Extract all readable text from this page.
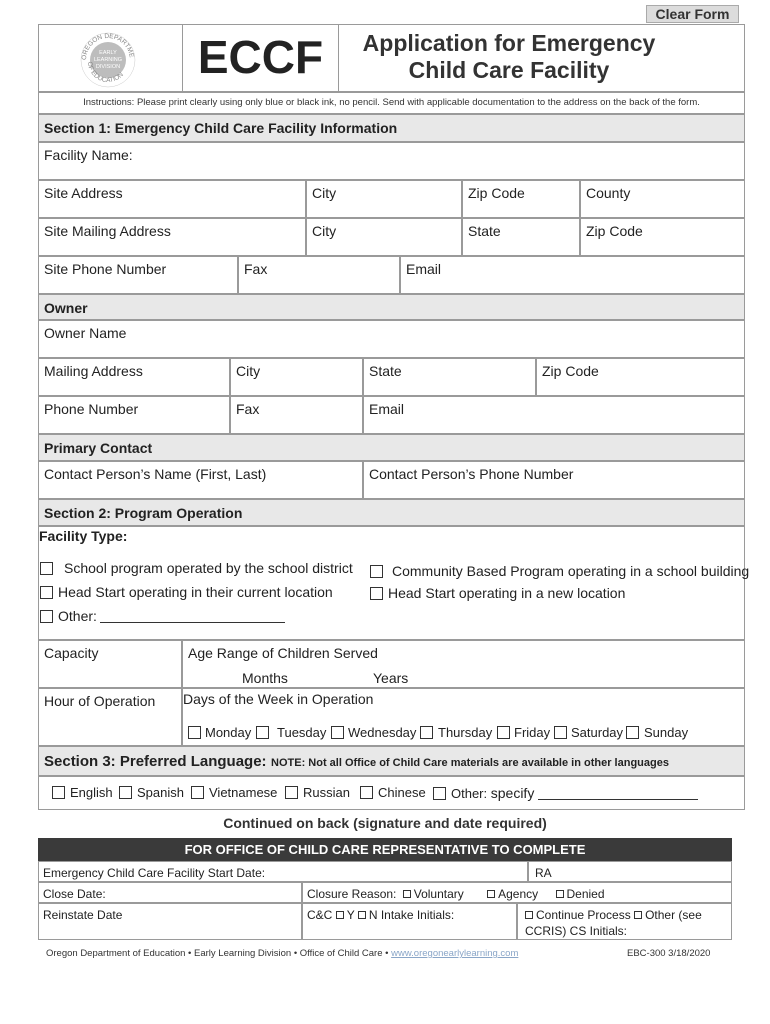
Clear Form
OREGON DEPARTME
OF EDUCATION
EARLY
LEARNING
DIVISION	ECCF	Application for Emergency
Child Care Facility
Instructions: Please print clearly using only blue or black ink, no pencil. Send with applicable documentation to the address on the back of the form.
Section 1: Emergency Child Care Facility Information
Facility Name:
Site Address	City	Zip Code	County
Site Mailing Address	City	State	Zip Code
Site Phone Number	Fax	Email
Owner
Owner Name
Mailing Address	City	State	Zip Code
Phone Number	Fax	Email
Primary Contact
Contact Person’s Name (First, Last)	Contact Person’s Phone Number
Section 2: Program Operation
Facility Type:
School program operated by the school district	Community Based Program operating in a school building
Head Start operating in their current location	Head Start operating in a new location
Other:
Capacity	Age Range of Children Served
Months	Years
Hour of Operation	Days of the Week in Operation
Monday	Tuesday	Wednesday	Thursday	Friday	Saturday	Sunday
Section 3: Preferred Language: NOTE: Not all Office of Child Care materials are available in other languages
English	Spanish	Vietnamese	Russian	Chinese	Other: specify
Continued on back (signature and date required)
FOR OFFICE OF CHILD CARE REPRESENTATIVE TO COMPLETE
Emergency Child Care Facility Start Date:	RA
Close Date:	Closure Reason: Voluntary	Agency Denied
Reinstate Date	C&C Y N Intake Initials:	Continue Process Other (see
CCRIS) CS Initials:
Oregon Department of Education • Early Learning Division • Office of Child Care • www.oregonearlylearning.com	EBC-300 3/18/2020
